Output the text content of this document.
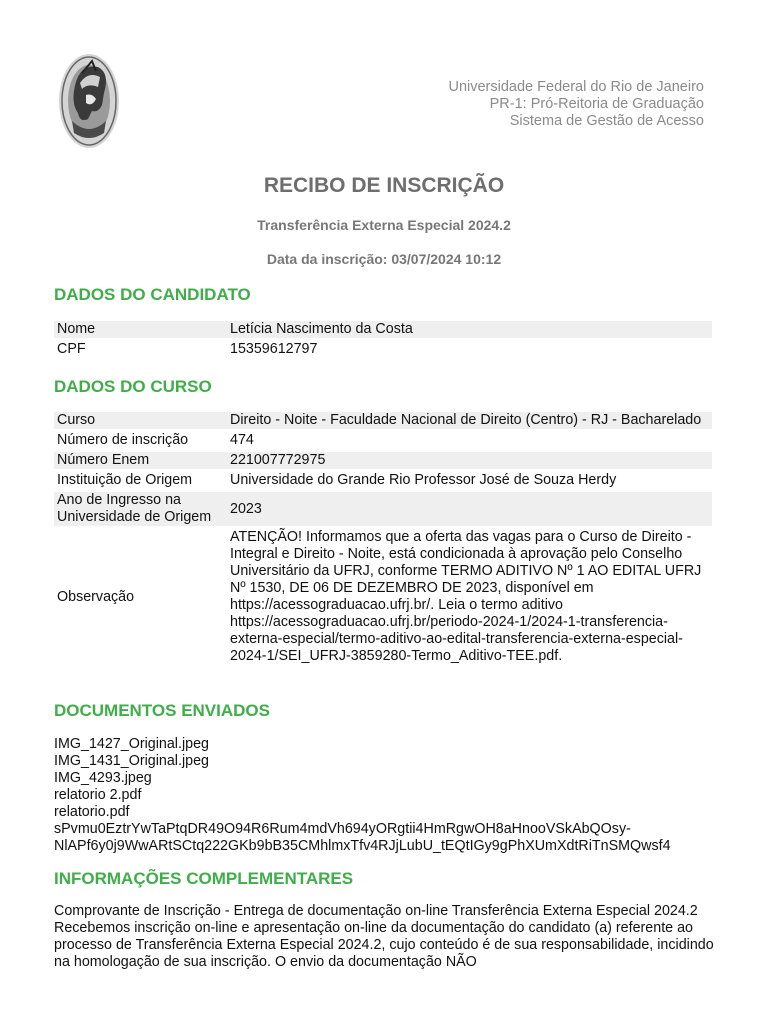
Universidade Federal do Rio de Janeiro
PR-1: Pró-Reitoria de Graduação
Sistema de Gestão de Acesso
RECIBO DE INSCRIÇÃO
Transferência Externa Especial 2024.2
Data da inscrição: 03/07/2024 10:12
DADOS DO CANDIDATO
Nome	Letícia Nascimento da Costa
CPF	15359612797
DADOS DO CURSO
Curso	Direito - Noite - Faculdade Nacional de Direito (Centro) - RJ - Bacharelado
Número de inscrição	474
Número Enem	221007772975
Instituição de Origem	Universidade do Grande Rio Professor José de Souza Herdy
Ano de Ingresso na Universidade de Origem	2023
Observação	ATENÇÃO! Informamos que a oferta das vagas para o Curso de Direito - Integral e Direito - Noite, está condicionada à aprovação pelo Conselho Universitário da UFRJ, conforme TERMO ADITIVO Nº 1 AO EDITAL UFRJ Nº 1530, DE 06 DE DEZEMBRO DE 2023, disponível em https://acessograduacao.ufrj.br/. Leia o termo aditivo https://acessograduacao.ufrj.br/periodo-2024-1/2024-1-transferencia-externa-especial/termo-aditivo-ao-edital-transferencia-externa-especial-2024-1/SEI_UFRJ-3859280-Termo_Aditivo-TEE.pdf.
DOCUMENTOS ENVIADOS
IMG_1427_Original.jpeg
IMG_1431_Original.jpeg
IMG_4293.jpeg
relatorio 2.pdf
relatorio.pdf
sPvmu0EztrYwTaPtqDR49O94R6Rum4mdVh694yORgtii4HmRgwOH8aHnooVSkAbQOsy-
NlAPf6y0j9WwARtSCtq222GKb9bB35CMhlmxTfv4RJjLubU_tEQtIGy9gPhXUmXdtRiTnSMQwsf4
INFORMAÇÕES COMPLEMENTARES
Comprovante de Inscrição - Entrega de documentação on-line Transferência Externa Especial 2024.2 Recebemos inscrição on-line e apresentação on-line da documentação do candidato (a) referente ao processo de Transferência Externa Especial 2024.2, cujo conteúdo é de sua responsabilidade, incidindo na homologação de sua inscrição. O envio da documentação NÃO
